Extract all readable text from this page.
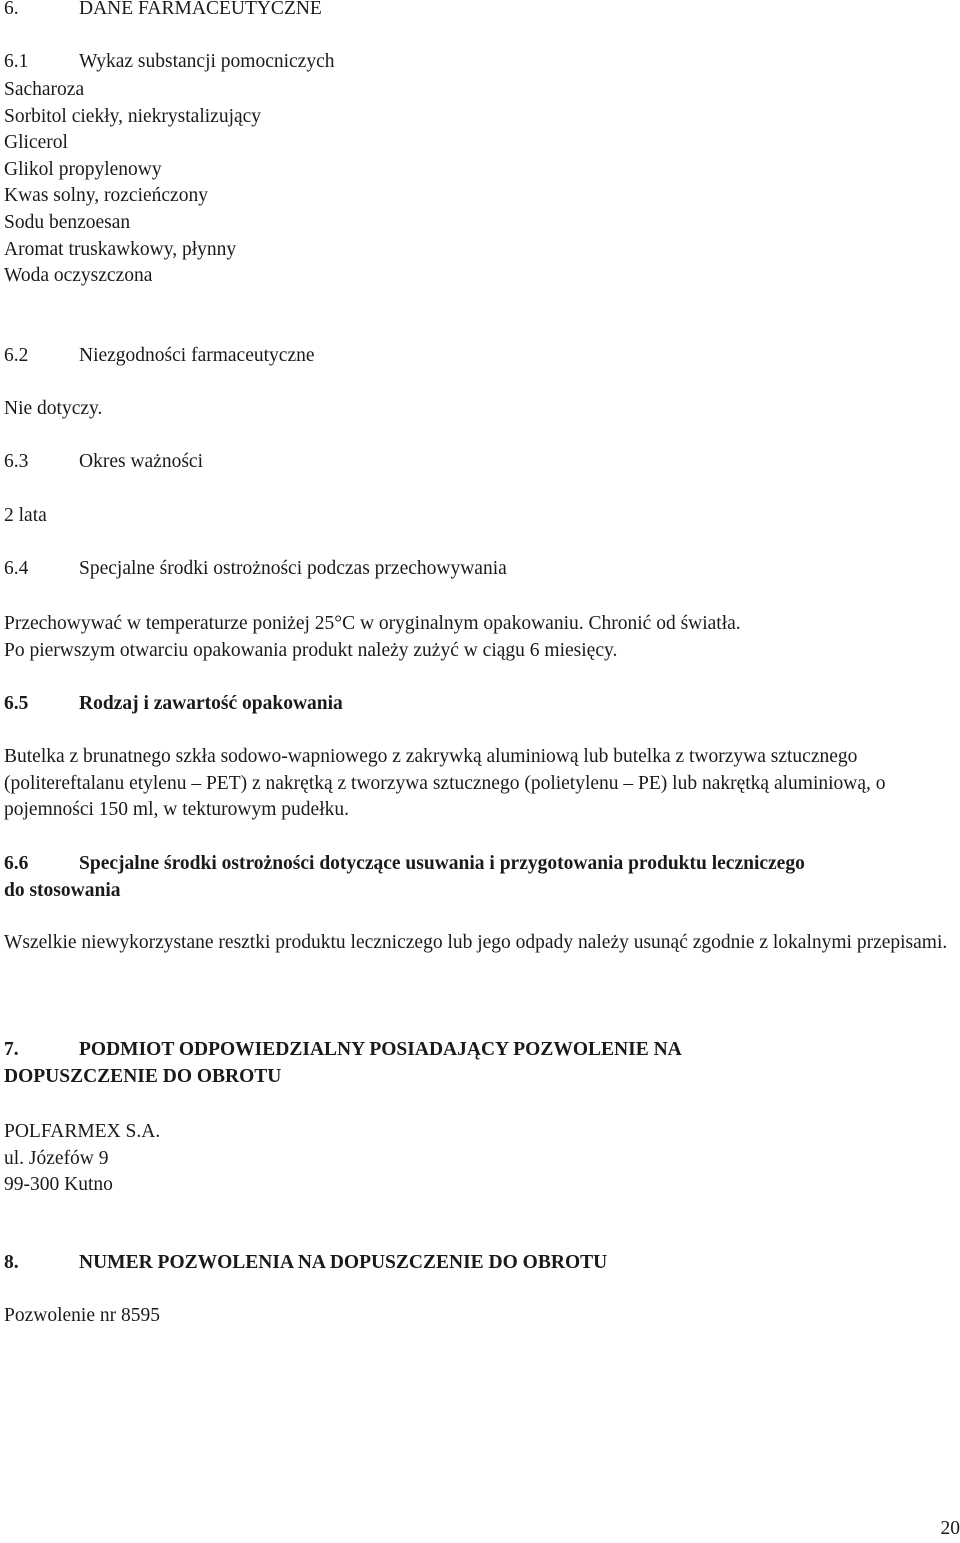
6.	DANE FARMACEUTYCZNE
6.1	Wykaz substancji pomocniczych
Sacharoza
Sorbitol ciekły, niekrystalizujący
Glicerol
Glikol propylenowy
Kwas solny, rozcieńczony
Sodu benzoesan
Aromat truskawkowy, płynny
Woda oczyszczona
6.2	Niezgodności farmaceutyczne
Nie dotyczy.
6.3	Okres ważności
2 lata
6.4	Specjalne środki ostrożności podczas przechowywania
Przechowywać w temperaturze poniżej 25°C w oryginalnym opakowaniu. Chronić od światła.
Po pierwszym otwarciu opakowania produkt należy zużyć w ciągu 6 miesięcy.
6.5	Rodzaj i zawartość opakowania
Butelka z brunatnego szkła sodowo-wapniowego z zakrywką aluminiową lub butelka z tworzywa sztucznego (politereftalanu etylenu – PET) z nakrętką z tworzywa sztucznego (polietylenu – PE) lub nakrętką aluminiową, o pojemności 150 ml, w tekturowym pudełku.
6.6	Specjalne środki ostrożności dotyczące usuwania i przygotowania produktu leczniczego
do stosowania
Wszelkie niewykorzystane resztki produktu leczniczego lub jego odpady należy usunąć zgodnie z lokalnymi przepisami.
7.	PODMIOT ODPOWIEDZIALNY POSIADAJĄCY POZWOLENIE NA
DOPUSZCZENIE DO OBROTU
POLFARMEX S.A.
ul. Józefów 9
99-300 Kutno
8.	NUMER POZWOLENIA NA DOPUSZCZENIE DO OBROTU
Pozwolenie nr 8595
20
